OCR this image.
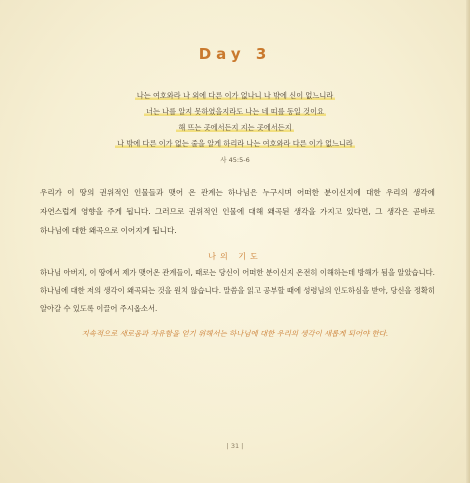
Day 3
나는 여호와라 나 외에 다른 이가 없나니 나 밖에 신이 없느니라
너는 나를 알지 못하였을지라도 나는 네 띠를 동일 것이요
해 뜨는 곳에서든지 지는 곳에서든지
나 밖에 다른 이가 없는 줄을 알게 하리라 나는 여호와라 다른 이가 없느니라
사 45:5-6

우리가 이 땅의 권위적인 인물들과 맺어 온 관계는 하나님은 누구시며 어떠한 분이신지에 대한 우리의 생각에 자연스럽게 영향을 주게 됩니다. 그러므로 권위적인 인물에 대해 왜곡된 생각을 가지고 있다면, 그 생각은 곧바로 하나님에 대한 왜곡으로 이어지게 됩니다.

나의 기도

하나님 아버지, 이 땅에서 제가 맺어온 관계들이, 때로는 당신이 어떠한 분이신지 온전히 이해하는데 방해가 됨을 알았습니다. 하나님에 대한 저의 생각이 왜곡되는 것을 원치 않습니다. 말씀을 읽고 공부할 때에 성령님의 인도하심을 받아, 당신을 정확히 알아갈 수 있도록 이끌어 주시옵소서.

지속적으로 새로움과 자유함을 얻기 위해서는 하나님에 대한 우리의 생각이 새롭게 되어야 한다.
| 31 |
